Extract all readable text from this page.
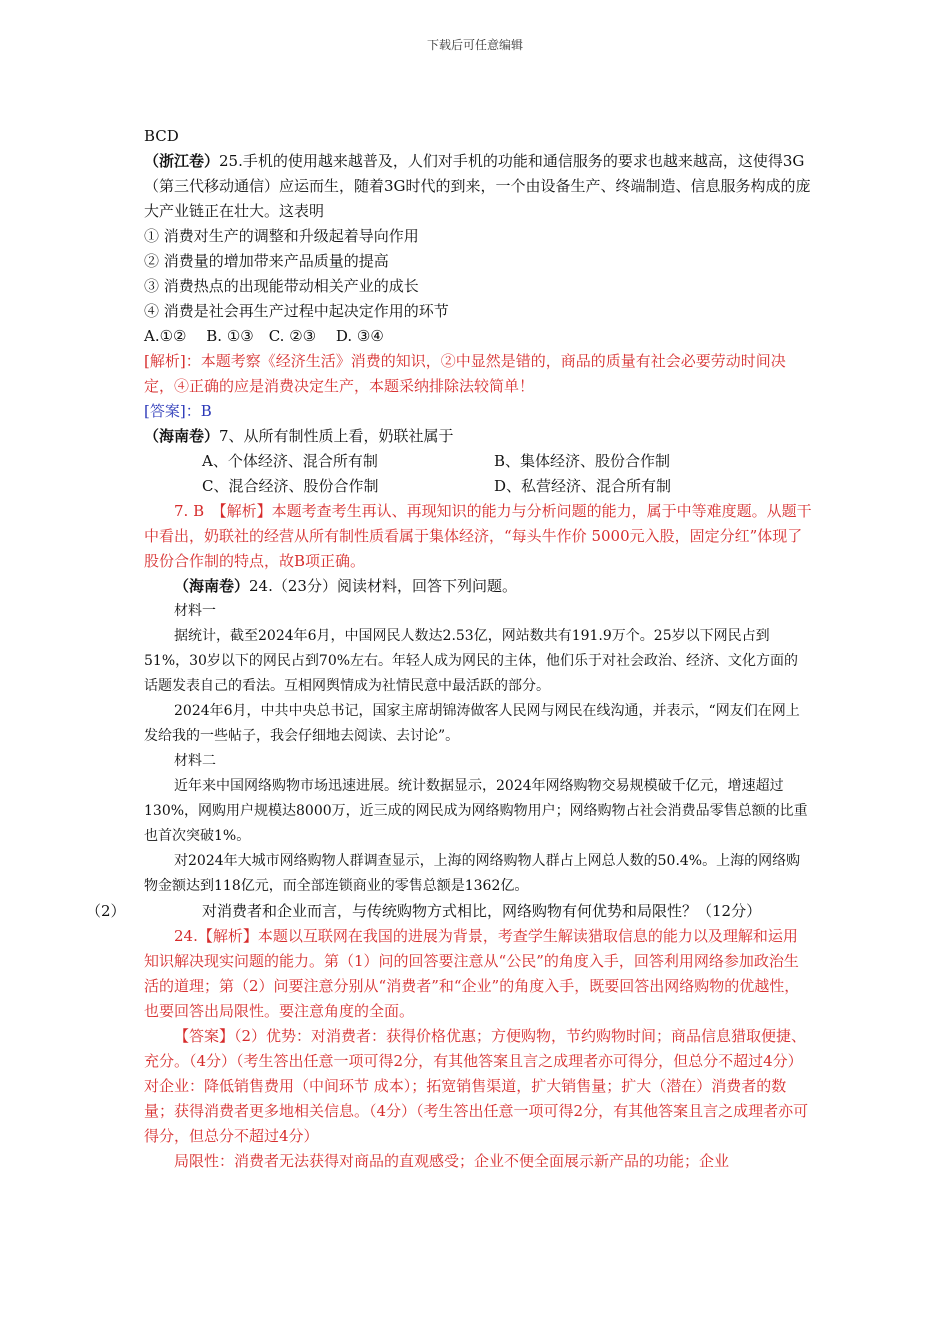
下载后可任意编辑

BCD

（浙江卷）25.手机的使用越来越普及，人们对手机的功能和通信服务的要求也越来越高，这使得3G（第三代移动通信）应运而生，随着3G时代的到来，一个由设备生产、终端制造、信息服务构成的庞大产业链正在壮大。这表明

① 消费对生产的调整和升级起着导向作用

② 消费量的增加带来产品质量的提高

③ 消费热点的出现能带动相关产业的成长

④ 消费是社会再生产过程中起决定作用的环节

A.①②　 B. ①③　C. ②③　 D. ③④

[解析]：本题考察《经济生活》消费的知识，②中显然是错的，商品的质量有社会必要劳动时间决定，④正确的应是消费决定生产，本题采纳排除法较简单！

[答案]：B

（海南卷）7、从所有制性质上看，奶联社属于

A、个体经济、混合所有制	B、集体经济、股份合作制
C、混合经济、股份合作制	D、私营经济、混合所有制

7. B　【解析】本题考查考生再认、再现知识的能力与分析问题的能力，属于中等难度题。从题干中看出，奶联社的经营从所有制性质看属于集体经济，“每头牛作价 5000元入股，固定分红”体现了股份合作制的特点，故B项正确。

（海南卷）24.（23分）阅读材料，回答下列问题。

材料一

据统计，截至2024年6月，中国网民人数达2.53亿，网站数共有191.9万个。25岁以下网民占到51%，30岁以下的网民占到70%左右。年轻人成为网民的主体，他们乐于对社会政治、经济、文化方面的话题发表自己的看法。互相网舆情成为社情民意中最活跃的部分。

2024年6月，中共中央总书记，国家主席胡锦涛做客人民网与网民在线沟通，并表示，“网友们在网上发给我的一些帖子，我会仔细地去阅读、去讨论”。

材料二

近年来中国网络购物市场迅速进展。统计数据显示，2024年网络购物交易规模破千亿元，增速超过130%，网购用户规模达8000万，近三成的网民成为网络购物用户；网络购物占社会消费品零售总额的比重也首次突破1%。

对2024年大城市网络购物人群调查显示，上海的网络购物人群占上网总人数的50.4%。上海的网络购物金额达到118亿元，而全部连锁商业的零售总额是1362亿。

（2）	对消费者和企业而言，与传统购物方式相比，网络购物有何优势和局限性？（12分）

24.【解析】本题以互联网在我国的进展为背景，考查学生解读猎取信息的能力以及理解和运用知识解决现实问题的能力。第（1）问的回答要注意从“公民”的角度入手，回答利用网络参加政治生活的道理；第（2）问要注意分别从“消费者”和“企业”的角度入手，既要回答出网络购物的优越性，也要回答出局限性。要注意角度的全面。

【答案】（2）优势：对消费者：获得价格优惠；方便购物，节约购物时间；商品信息猎取便捷、充分。（4分）（考生答出任意一项可得2分，有其他答案且言之成理者亦可得分，但总分不超过4分）对企业：降低销售费用（中间环节 成本）；拓宽销售渠道，扩大销售量；扩大（潜在）消费者的数量；获得消费者更多地相关信息。（4分）（考生答出任意一项可得2分，有其他答案且言之成理者亦可得分，但总分不超过4分）

局限性：消费者无法获得对商品的直观感受；企业不便全面展示新产品的功能；企业
